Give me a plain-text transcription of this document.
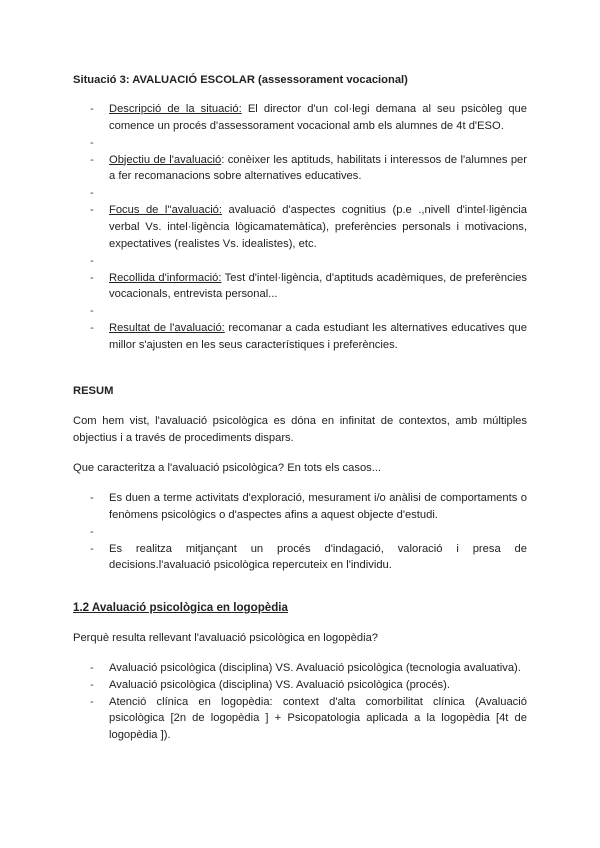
Situació 3: AVALUACIÓ ESCOLAR (assessorament vocacional)
- Descripció de la situació: El director d'un col·legi demana al seu psicòleg que comence un procés d'assessorament vocacional amb els alumnes de 4t d'ESO.
-
- Objectiu de l'avaluació: conèixer les aptituds, habilitats i interessos de l'alumnes per a fer recomanacions sobre alternatives educatives.
-
- Focus de l''avaluació: avaluació d'aspectes cognitius (p.e .,nivell d'intel·ligència verbal Vs. intel·ligència lògicamatemàtica), preferències personals i motivacions, expectatives (realistes Vs. idealistes), etc.
-
- Recollida d'informació: Test d'intel·ligència, d'aptituds acadèmiques, de preferències vocacionals, entrevista personal...
-
- Resultat de l'avaluació: recomanar a cada estudiant les alternatives educatives que millor s'ajusten en les seus característiques i preferències.
RESUM

Com hem vist, l'avaluació psicològica es dóna en infinitat de contextos, amb múltiples objectius i a través de procediments dispars.

Que caracteritza a l'avaluació psicològica? En tots els casos...

- Es duen a terme activitats d'exploració, mesurament i/o anàlisi de comportaments o fenòmens psicològics o d'aspectes afins a aquest objecte d'estudi.
-
- Es realitza mitjançant un procés d'indagació, valoració i presa de decisions.l'avaluació psicològica repercuteix en l'individu.
1.2 Avaluació psicològica en logopèdia

Perquè resulta rellevant l'avaluació psicològica en logopèdia?

- Avaluació psicològica (disciplina) VS. Avaluació psicològica (tecnologia avaluativa).
- Avaluació psicològica (disciplina) VS. Avaluació psicològica (procés).
- Atenció clínica en logopèdia: context d'alta comorbilitat clínica (Avaluació psicològica [2n de logopèdia ] + Psicopatologia aplicada a la logopèdia [4t de logopèdia ]).
